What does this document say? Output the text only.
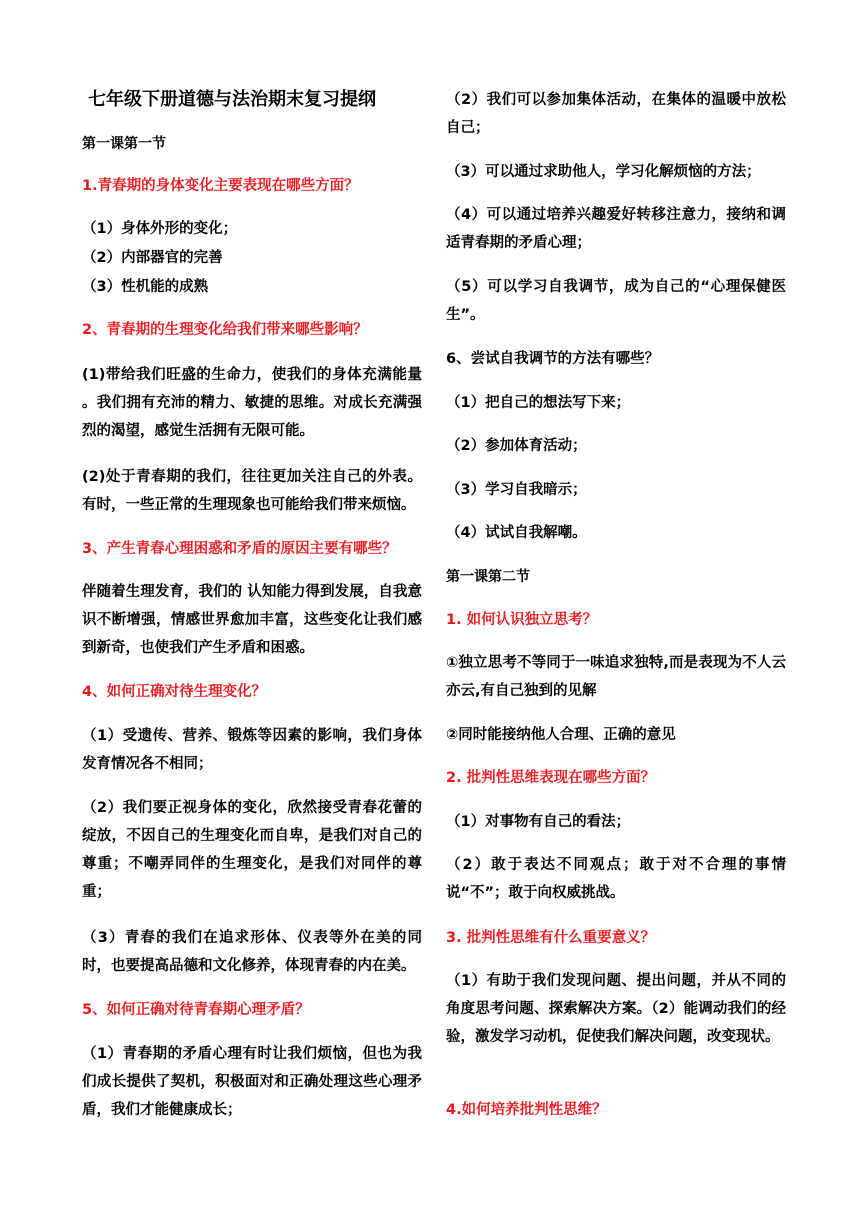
七年级下册道德与法治期末复习提纲

第一课第一节

1.青春期的身体变化主要表现在哪些方面？

（1）身体外形的变化；

（2）内部器官的完善

（3）性机能的成熟

2、青春期的生理变化给我们带来哪些影响？

(1)带给我们旺盛的生命力，使我们的身体充满能量 。我们拥有充沛的精力、敏捷的思维。对成长充满强烈的渴望，感觉生活拥有无限可能。

(2)处于青春期的我们，往往更加关注自己的外表。有时，一些正常的生理现象也可能给我们带来烦恼。

3、产生青春心理困惑和矛盾的原因主要有哪些？

伴随着生理发育，我们的 认知能力得到发展，自我意识不断增强，情感世界愈加丰富，这些变化让我们感到新奇，也使我们产生矛盾和困惑。

4、如何正确对待生理变化？

（1）受遗传、营养、锻炼等因素的影响，我们身体发育情况各不相同；

（2）我们要正视身体的变化，欣然接受青春花蕾的绽放，不因自己的生理变化而自卑，是我们对自己的尊重；不嘲弄同伴的生理变化，是我们对同伴的尊重；

（3）青春的我们在追求形体、仪表等外在美的同时，也要提高品德和文化修养，体现青春的内在美。

5、如何正确对待青春期心理矛盾？

（1）青春期的矛盾心理有时让我们烦恼，但也为我们成长提供了契机，积极面对和正确处理这些心理矛盾，我们才能健康成长；

（2）我们可以参加集体活动，在集体的温暖中放松自己；

（3）可以通过求助他人，学习化解烦恼的方法；

（4）可以通过培养兴趣爱好转移注意力，接纳和调适青春期的矛盾心理；

（5）可以学习自我调节，成为自己的“心理保健医生”。

6、尝试自我调节的方法有哪些？

（1）把自己的想法写下来；

（2）参加体育活动；

（3）学习自我暗示；

（4）试试自我解嘲。

第一课第二节

1. 如何认识独立思考？

①独立思考不等同于一味追求独特,而是表现为不人云亦云,有自己独到的见解

②同时能接纳他人合理、正确的意见

2. 批判性思维表现在哪些方面？

（1）对事物有自己的看法；

（2）敢于表达不同观点；敢于对不合理的事情说“不”；敢于向权威挑战。

3. 批判性思维有什么重要意义？

（1）有助于我们发现问题、提出问题，并从不同的角度思考问题、探索解决方案。（2）能调动我们的经验，激发学习动机，促使我们解决问题，改变现状。

4.如何培养批判性思维？
